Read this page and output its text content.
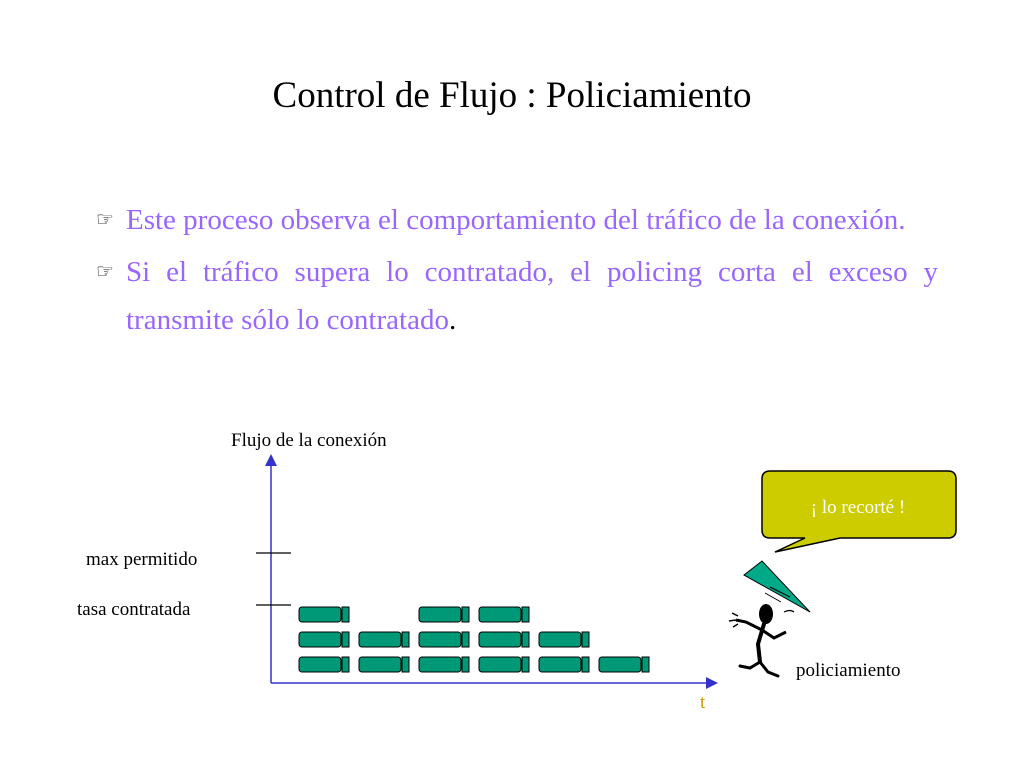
Control de Flujo : Policiamiento
☞ Este proceso observa el comportamiento del tráfico de la conexión.
☞ Si el tráfico supera lo contratado, el policing corta el exceso y transmite sólo lo contratado.
Flujo de la conexión
max permitido
tasa contratada
t
¡ lo recorté !
policiamiento
